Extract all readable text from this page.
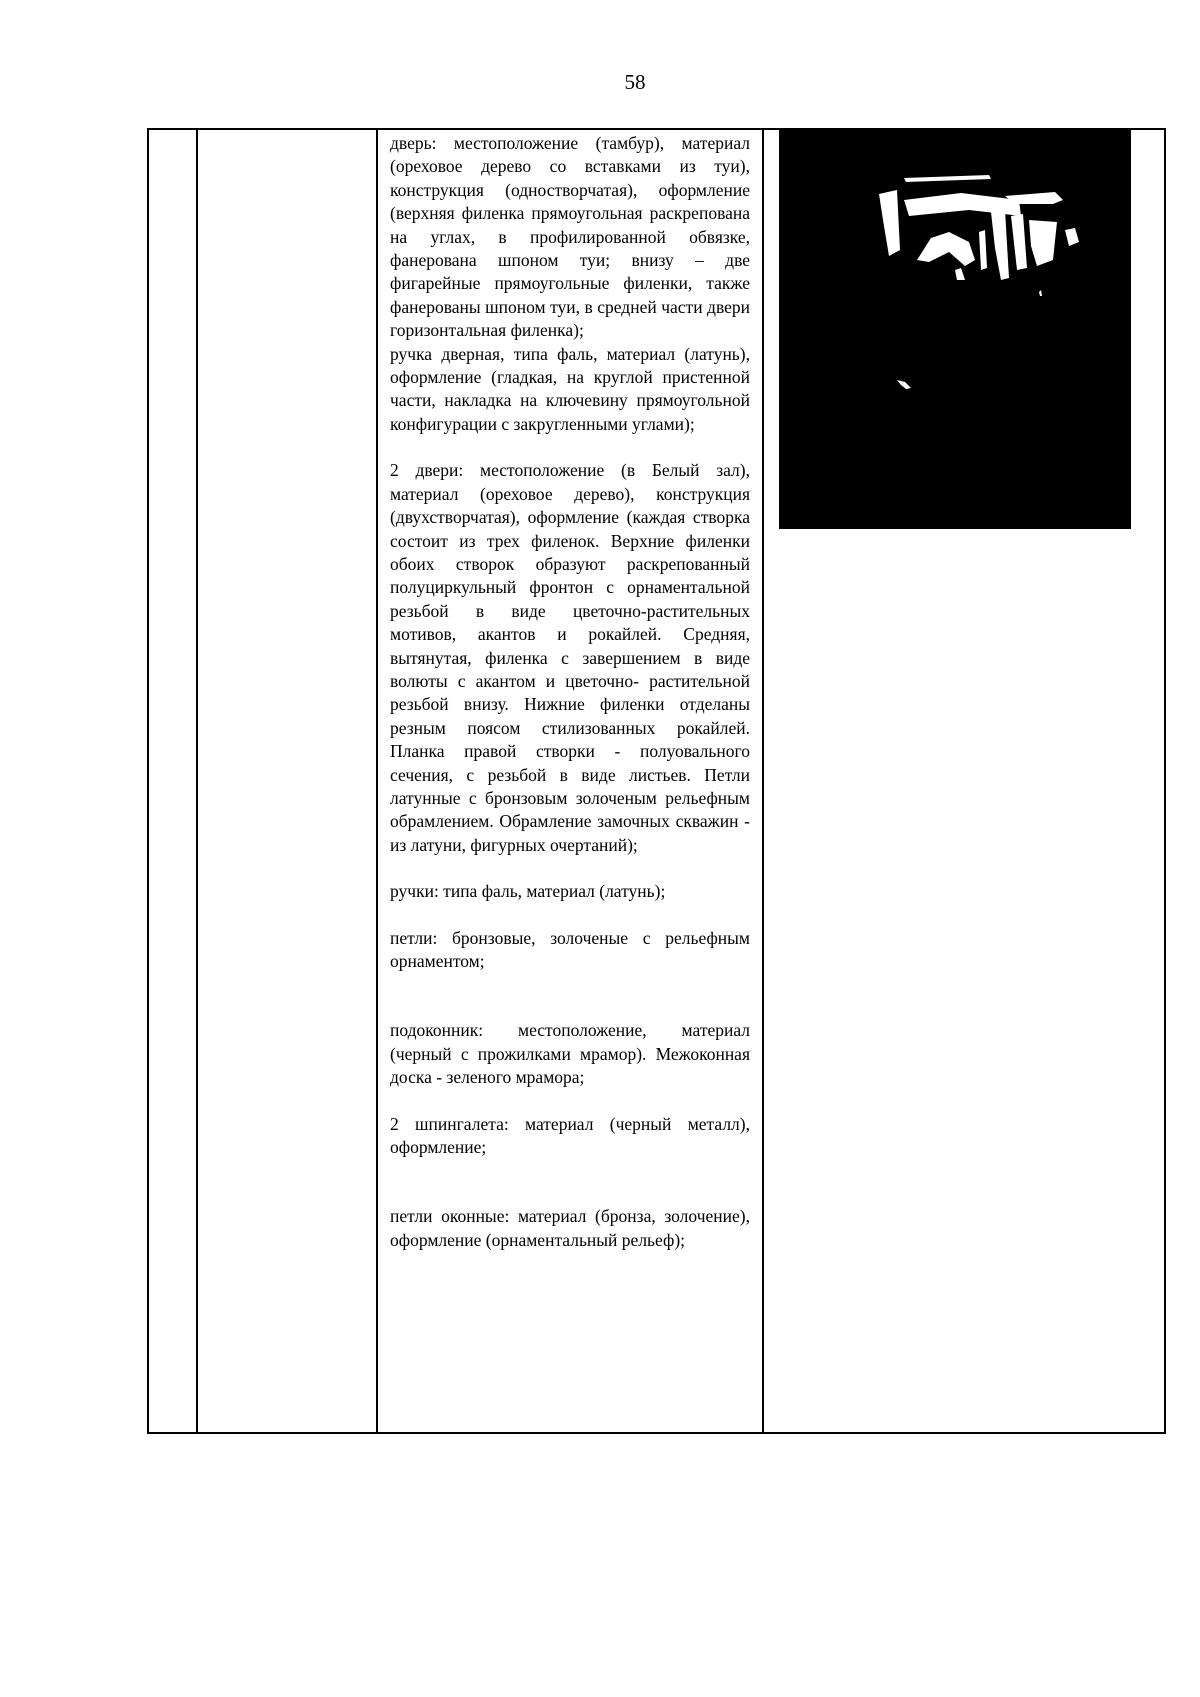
58

дверь: местоположение (тамбур), материал (ореховое дерево со вставками из туи), конструкция (одностворчатая), оформление (верхняя филенка прямоугольная раскрепована на углах, в профилированной обвязке, фанерована шпоном туи; внизу – две фигарейные прямоугольные филенки, также фанерованы шпоном туи, в средней части двери горизонтальная филенка);

ручка дверная, типа фаль, материал (латунь), оформление (гладкая, на круглой пристенной части, накладка на ключевину прямоугольной конфигурации с закругленными углами);

2 двери: местоположение (в Белый зал), материал (ореховое дерево), конструкция (двухстворчатая), оформление (каждая створка состоит из трех филенок. Верхние филенки обоих створок образуют раскрепованный полуциркульный фронтон с орнаментальной резьбой в виде цветочно-растительных мотивов, акантов и рокайлей. Средняя, вытянутая, филенка с завершением в виде волюты с акантом и цветочно- растительной резьбой внизу. Нижние филенки отделаны резным поясом стилизованных рокайлей. Планка правой створки - полуовального сечения, с резьбой в виде листьев. Петли латунные с бронзовым золоченым рельефным обрамлением. Обрамление замочных скважин - из латуни, фигурных очертаний);

ручки: типа фаль, материал (латунь);

петли: бронзовые, золоченые с рельефным орнаментом;

подоконник: местоположение, материал (черный с прожилками мрамор). Межоконная доска - зеленого мрамора;

2 шпингалета: материал (черный металл), оформление;

петли оконные: материал (бронза, золочение), оформление (орнаментальный рельеф);
